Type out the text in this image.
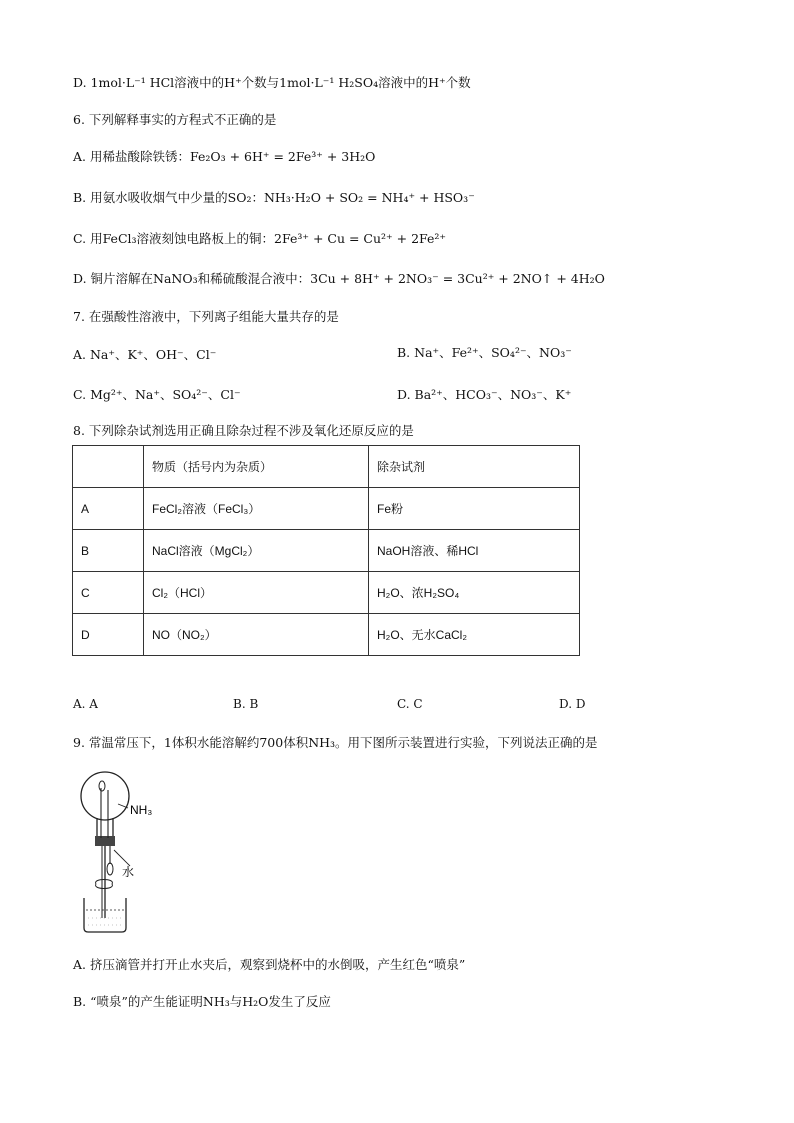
D. 1mol·L⁻¹ HCl溶液中的H⁺个数与1mol·L⁻¹ H₂SO₄溶液中的H⁺个数
6. 下列解释事实的方程式不正确的是
A. 用稀盐酸除铁锈：Fe₂O₃ + 6H⁺ = 2Fe³⁺ + 3H₂O
B. 用氨水吸收烟气中少量的SO₂：NH₃·H₂O + SO₂ = NH₄⁺ + HSO₃⁻
C. 用FeCl₃溶液刻蚀电路板上的铜：2Fe³⁺ + Cu = Cu²⁺ + 2Fe²⁺
D. 铜片溶解在NaNO₃和稀硫酸混合液中：3Cu + 8H⁺ + 2NO₃⁻ = 3Cu²⁺ + 2NO↑ + 4H₂O
7. 在强酸性溶液中，下列离子组能大量共存的是
A. Na⁺、K⁺、OH⁻、Cl⁻	B. Na⁺、Fe²⁺、SO₄²⁻、NO₃⁻
C. Mg²⁺、Na⁺、SO₄²⁻、Cl⁻	D. Ba²⁺、HCO₃⁻、NO₃⁻、K⁺
8. 下列除杂试剂选用正确且除杂过程不涉及氧化还原反应的是
	物质（括号内为杂质）	除杂试剂
A	FeCl₂溶液（FeCl₃）	Fe粉
B	NaCl溶液（MgCl₂）	NaOH溶液、稀HCl
C	Cl₂（HCl）	H₂O、浓H₂SO₄
D	NO（NO₂）	H₂O、无水CaCl₂
A. A	B. B	C. C	D. D
9. 常温常压下，1体积水能溶解约700体积NH₃。用下图所示装置进行实验，下列说法正确的是
NH₃
水
A. 挤压滴管并打开止水夹后，观察到烧杯中的水倒吸，产生红色“喷泉”
B. “喷泉”的产生能证明NH₃与H₂O发生了反应
